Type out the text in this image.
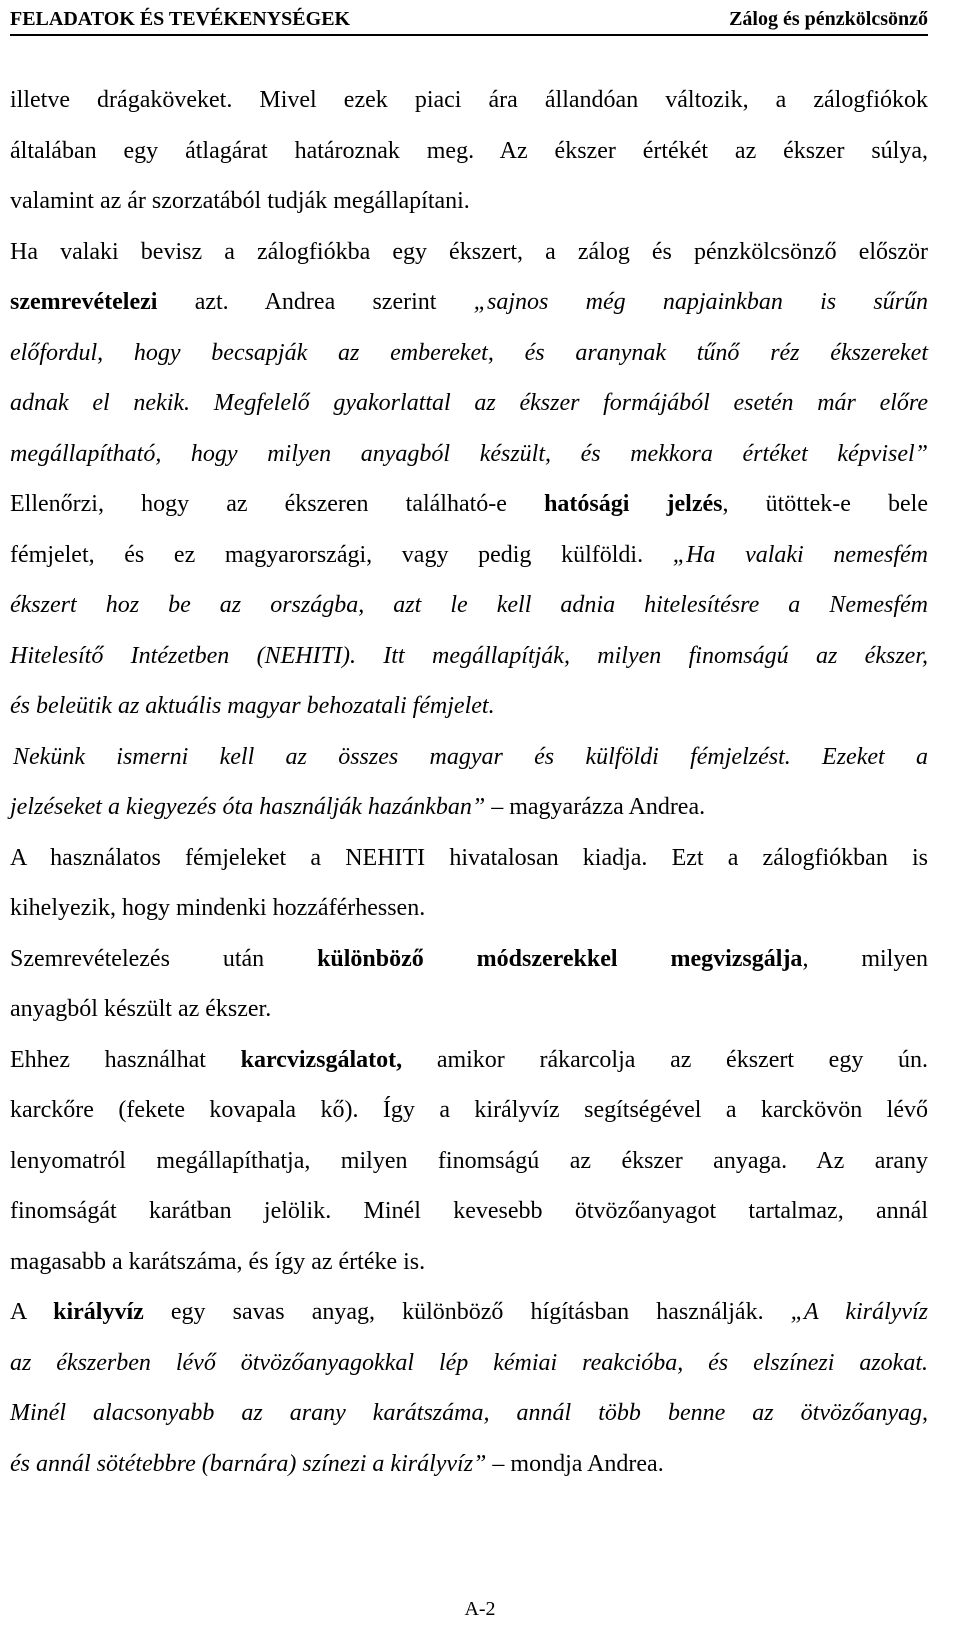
FELADATOK ÉS TEVÉKENYSÉGEK	Zálog és pénzkölcsönző

illetve drágaköveket. Mivel ezek piaci ára állandóan változik, a zálogfiókok

általában egy átlagárat határoznak meg. Az ékszer értékét az ékszer súlya,

valamint az ár szorzatából tudják megállapítani.

Ha valaki bevisz a zálogfiókba egy ékszert, a zálog és pénzkölcsönző először

szemrevételezi azt. Andrea szerint „sajnos még napjainkban is sűrűn

előfordul, hogy becsapják az embereket, és aranynak tűnő réz ékszereket

adnak el nekik. Megfelelő gyakorlattal az ékszer formájából esetén már előre

megállapítható, hogy milyen anyagból készült, és mekkora értéket képvisel”

Ellenőrzi, hogy az ékszeren található-e hatósági jelzés, ütöttek-e bele

fémjelet, és ez magyarországi, vagy pedig külföldi. „Ha valaki nemesfém

ékszert hoz be az országba, azt le kell adnia hitelesítésre a Nemesfém

Hitelesítő Intézetben (NEHITI). Itt megállapítják, milyen finomságú az ékszer,

és beleütik az aktuális magyar behozatali fémjelet.

Nekünk ismerni kell az összes magyar és külföldi fémjelzést. Ezeket a

jelzéseket a kiegyezés óta használják hazánkban” – magyarázza Andrea.

A használatos fémjeleket a NEHITI hivatalosan kiadja. Ezt a zálogfiókban is

kihelyezik, hogy mindenki hozzáférhessen.

Szemrevételezés után különböző módszerekkel megvizsgálja, milyen

anyagból készült az ékszer.

Ehhez használhat karcvizsgálatot, amikor rákarcolja az ékszert egy ún.

karckőre (fekete kovapala kő). Így a királyvíz segítségével a karckövön lévő

lenyomatról megállapíthatja, milyen finomságú az ékszer anyaga. Az arany

finomságát karátban jelölik. Minél kevesebb ötvözőanyagot tartalmaz, annál

magasabb a karátszáma, és így az értéke is.

A királyvíz egy savas anyag, különböző hígításban használják. „A királyvíz

az ékszerben lévő ötvözőanyagokkal lép kémiai reakcióba, és elszínezi azokat.

Minél alacsonyabb az arany karátszáma, annál több benne az ötvözőanyag,

és annál sötétebbre (barnára) színezi a királyvíz” – mondja Andrea.

A-2
